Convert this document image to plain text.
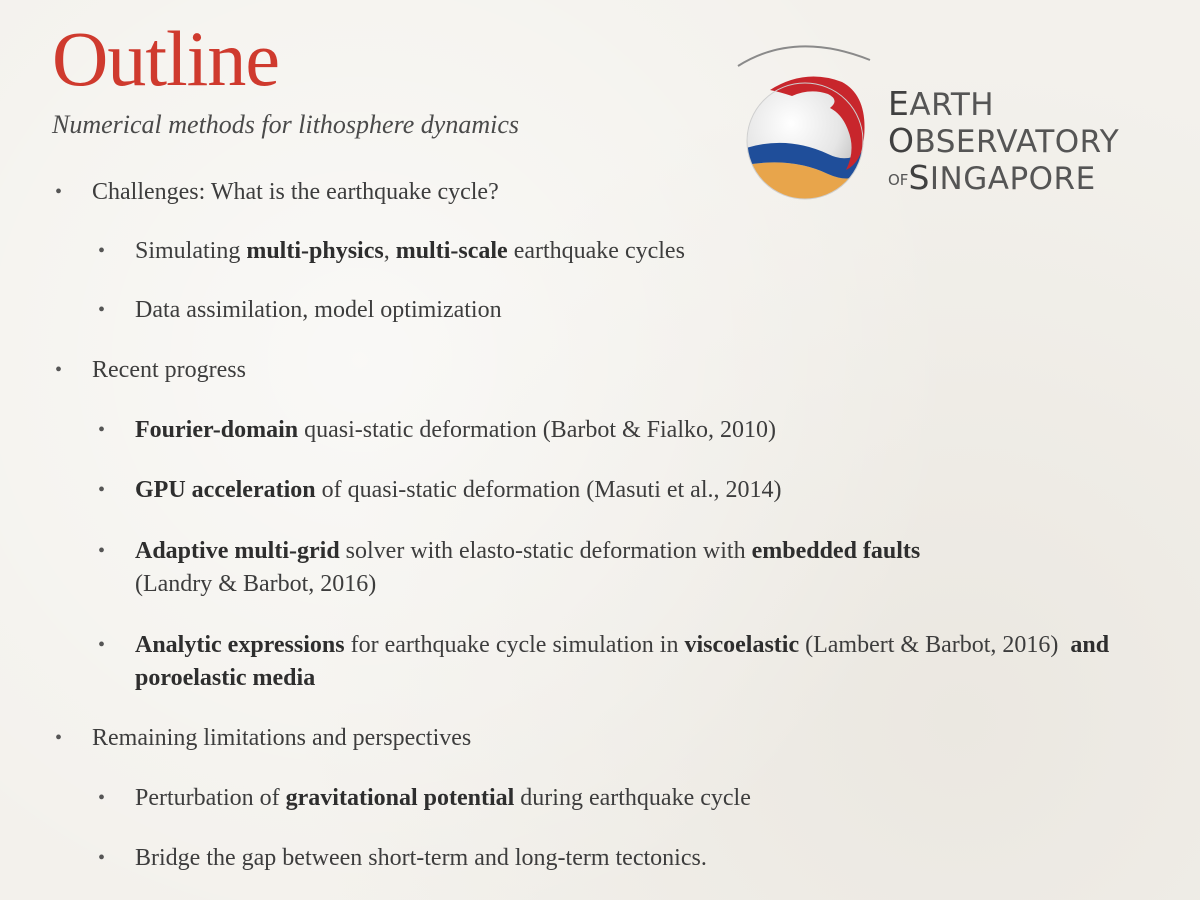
Outline
Numerical methods for lithosphere dynamics
EARTH
OBSERVATORY
$^{OF}$SINGAPORE
• Challenges: What is the earthquake cycle?
• Simulating multi-physics, multi-scale earthquake cycles
• Data assimilation, model optimization
• Recent progress
• Fourier-domain quasi-static deformation (Barbot & Fialko, 2010)
• GPU acceleration of quasi-static deformation (Masuti et al., 2014)
• Adaptive multi-grid solver with elasto-static deformation with embedded faults
(Landry & Barbot, 2016)
• Analytic expressions for earthquake cycle simulation in viscoelastic (Lambert & Barbot, 2016)  and poroelastic media
• Remaining limitations and perspectives
• Perturbation of gravitational potential during earthquake cycle
• Bridge the gap between short-term and long-term tectonics.
